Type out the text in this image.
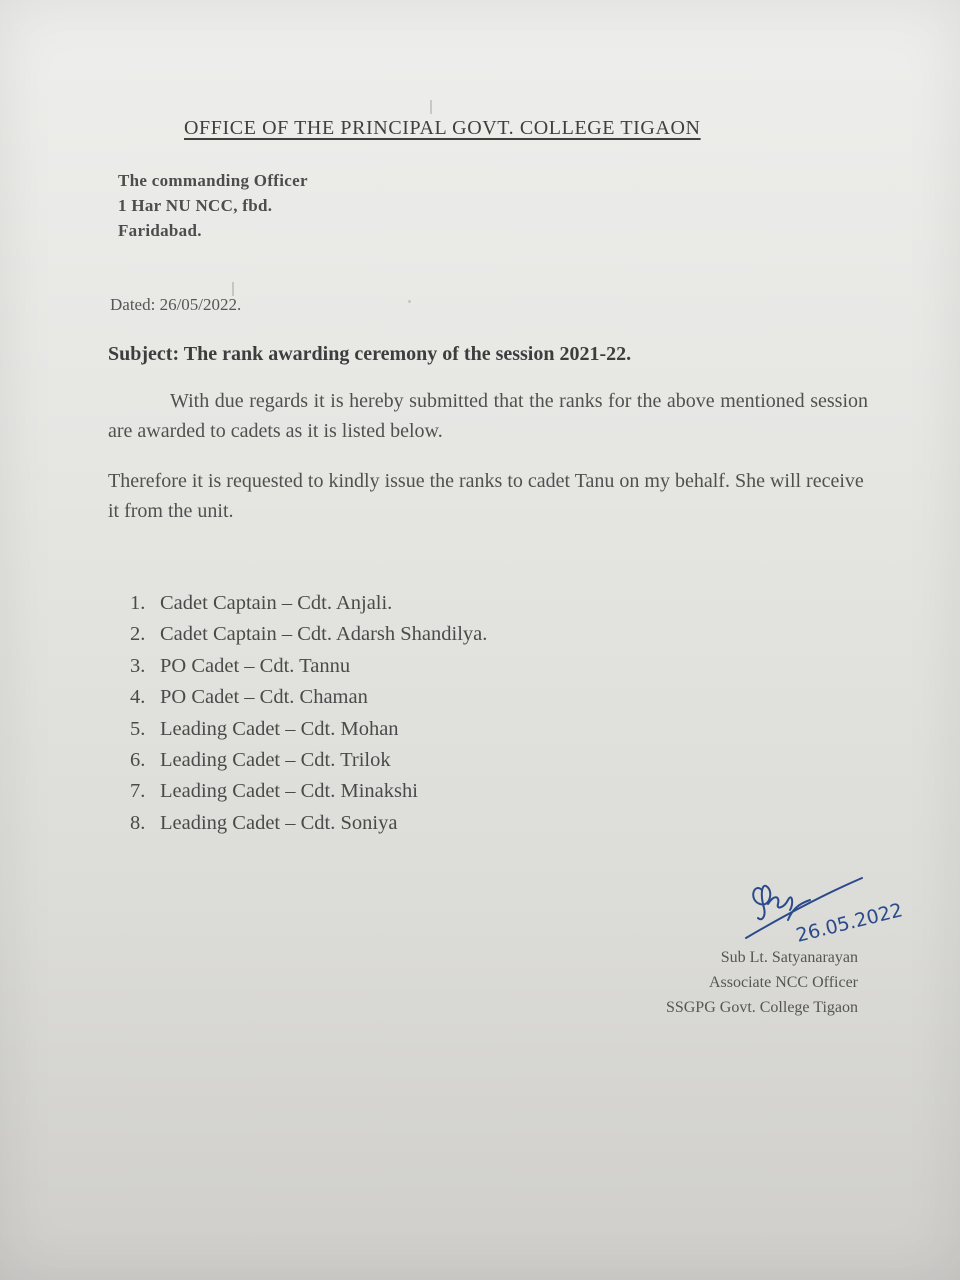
OFFICE OF THE PRINCIPAL GOVT. COLLEGE TIGAON
The commanding Officer
1 Har NU NCC, fbd.
Faridabad.
Dated: 26/05/2022.
Subject: The rank awarding ceremony of the session 2021-22.
With due regards it is hereby submitted that the ranks for the above mentioned session are awarded to cadets as it is listed below.
Therefore it is requested to kindly issue the ranks to cadet Tanu on my behalf. She will receive it from the unit.
1. Cadet Captain – Cdt. Anjali.
2. Cadet Captain – Cdt. Adarsh Shandilya.
3. PO Cadet – Cdt. Tannu
4. PO Cadet – Cdt. Chaman
5. Leading Cadet – Cdt. Mohan
6. Leading Cadet – Cdt. Trilok
7. Leading Cadet – Cdt. Minakshi
8. Leading Cadet – Cdt. Soniya
26.05.2022
Sub Lt. Satyanarayan
Associate NCC Officer
SSGPG Govt. College Tigaon
